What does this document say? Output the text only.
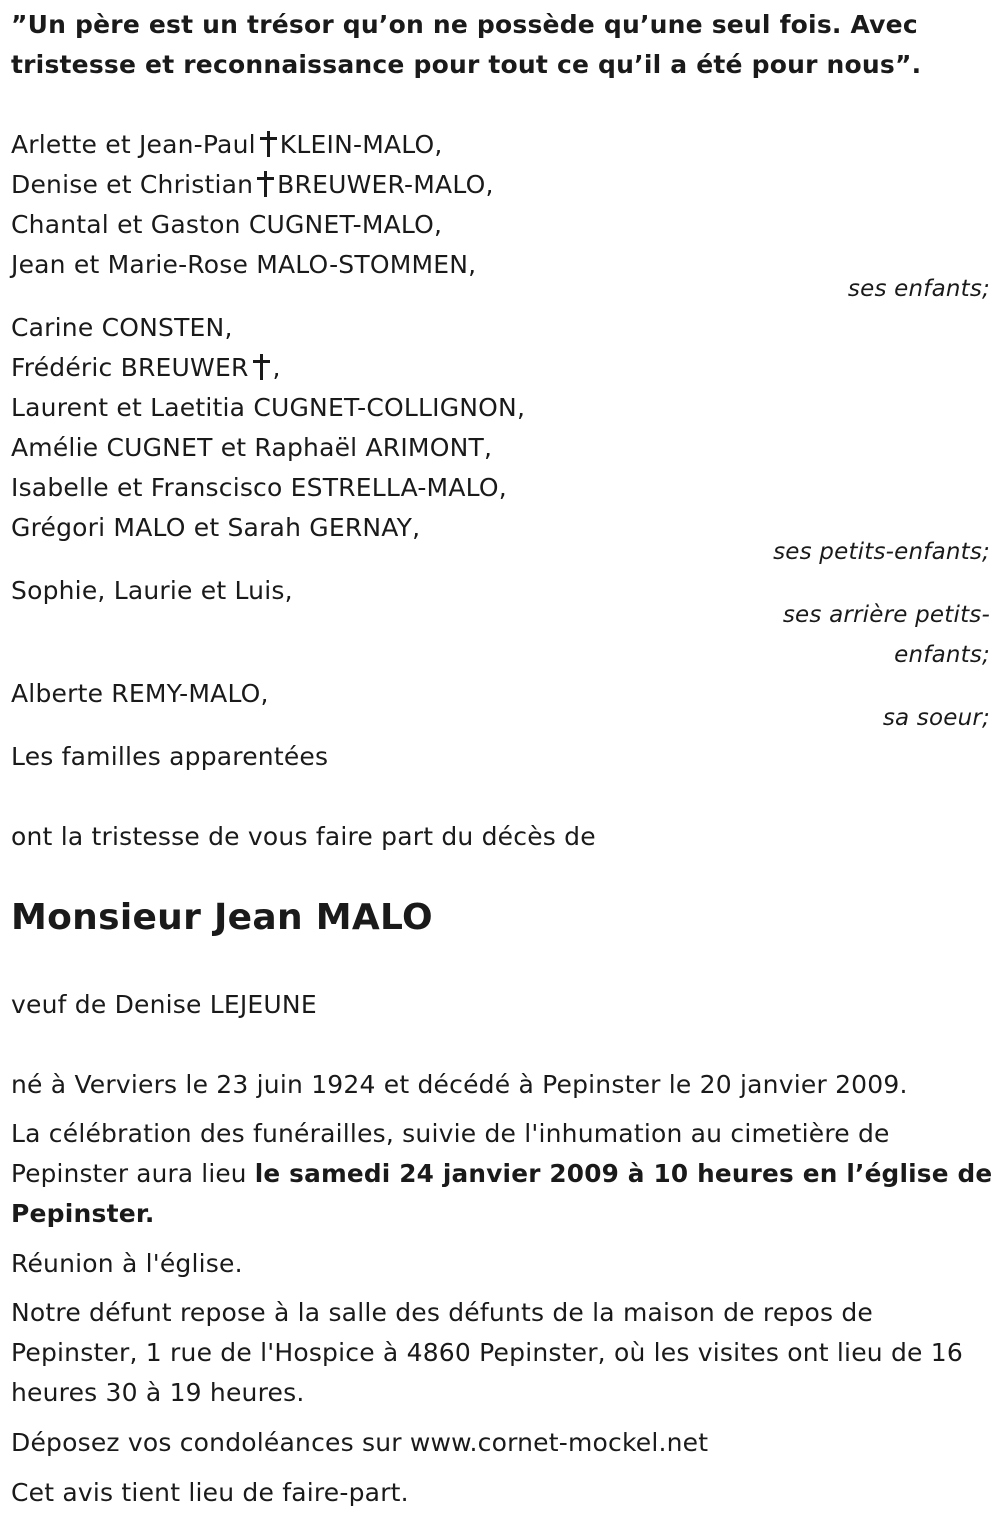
”Un père est un trésor qu’on ne possède qu’une seul fois. Avec
tristesse et reconnaissance pour tout ce qu’il a été pour nous”.
Arlette et Jean-Paul KLEIN-MALO,
Denise et Christian BREUWER-MALO,
Chantal et Gaston CUGNET-MALO,
Jean et Marie-Rose MALO-STOMMEN,
ses enfants;
Carine CONSTEN,
Frédéric BREUWER ,
Laurent et Laetitia CUGNET-COLLIGNON,
Amélie CUGNET et Raphaël ARIMONT,
Isabelle et Franscisco ESTRELLA-MALO,
Grégori MALO et Sarah GERNAY,
ses petits-enfants;
Sophie, Laurie et Luis,
ses arrière petits-
enfants;
Alberte REMY-MALO,
sa soeur;
Les familles apparentées
ont la tristesse de vous faire part du décès de
Monsieur Jean MALO
veuf de Denise LEJEUNE
né à Verviers le 23 juin 1924 et décédé à Pepinster le 20 janvier 2009.
La célébration des funérailles, suivie de l'inhumation au cimetière de
Pepinster aura lieu le samedi 24 janvier 2009 à 10 heures en l’église de
Pepinster.
Réunion à l'église.
Notre défunt repose à la salle des défunts de la maison de repos de
Pepinster, 1 rue de l'Hospice à 4860 Pepinster, où les visites ont lieu de 16
heures 30 à 19 heures.
Déposez vos condoléances sur www.cornet-mockel.net
Cet avis tient lieu de faire-part.
